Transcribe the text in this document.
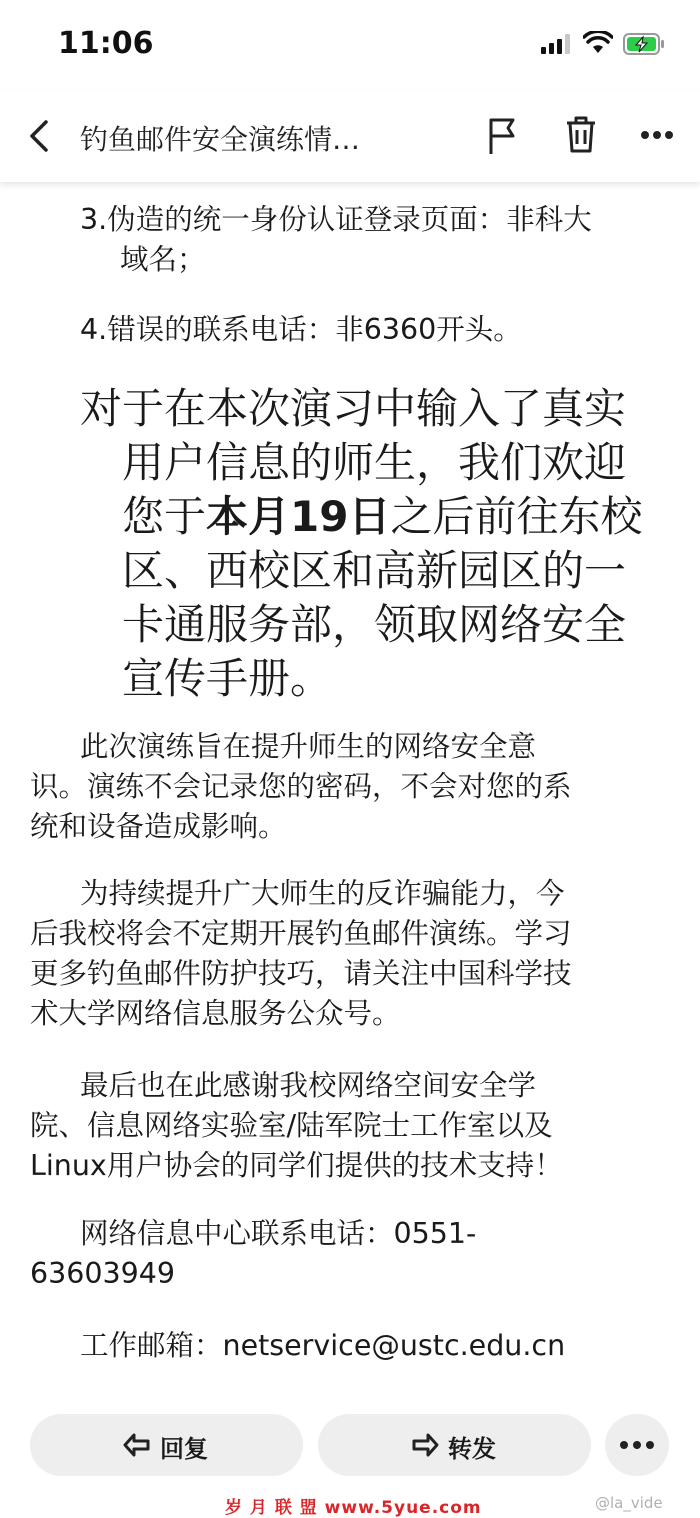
11:06
钓鱼邮件安全演练情…
3.伪造的统一身份认证登录页面：非科大
域名；
4.错误的联系电话：非6360开头。
对于在本次演习中输入了真实
用户信息的师生，我们欢迎
您于本月19日之后前往东校
区、西校区和高新园区的一
卡通服务部，领取网络安全
宣传手册。
此次演练旨在提升师生的网络安全意
识。演练不会记录您的密码，不会对您的系
统和设备造成影响。
为持续提升广大师生的反诈骗能力，今
后我校将会不定期开展钓鱼邮件演练。学习
更多钓鱼邮件防护技巧，请关注中国科学技
术大学网络信息服务公众号。
最后也在此感谢我校网络空间安全学
院、信息网络实验室/陆军院士工作室以及
Linux用户协会的同学们提供的技术支持！
网络信息中心联系电话：0551-
63603949
工作邮箱：netservice@ustc.edu.cn
回复	转发
岁 月 联 盟 www.5yue.com	@la_vide
